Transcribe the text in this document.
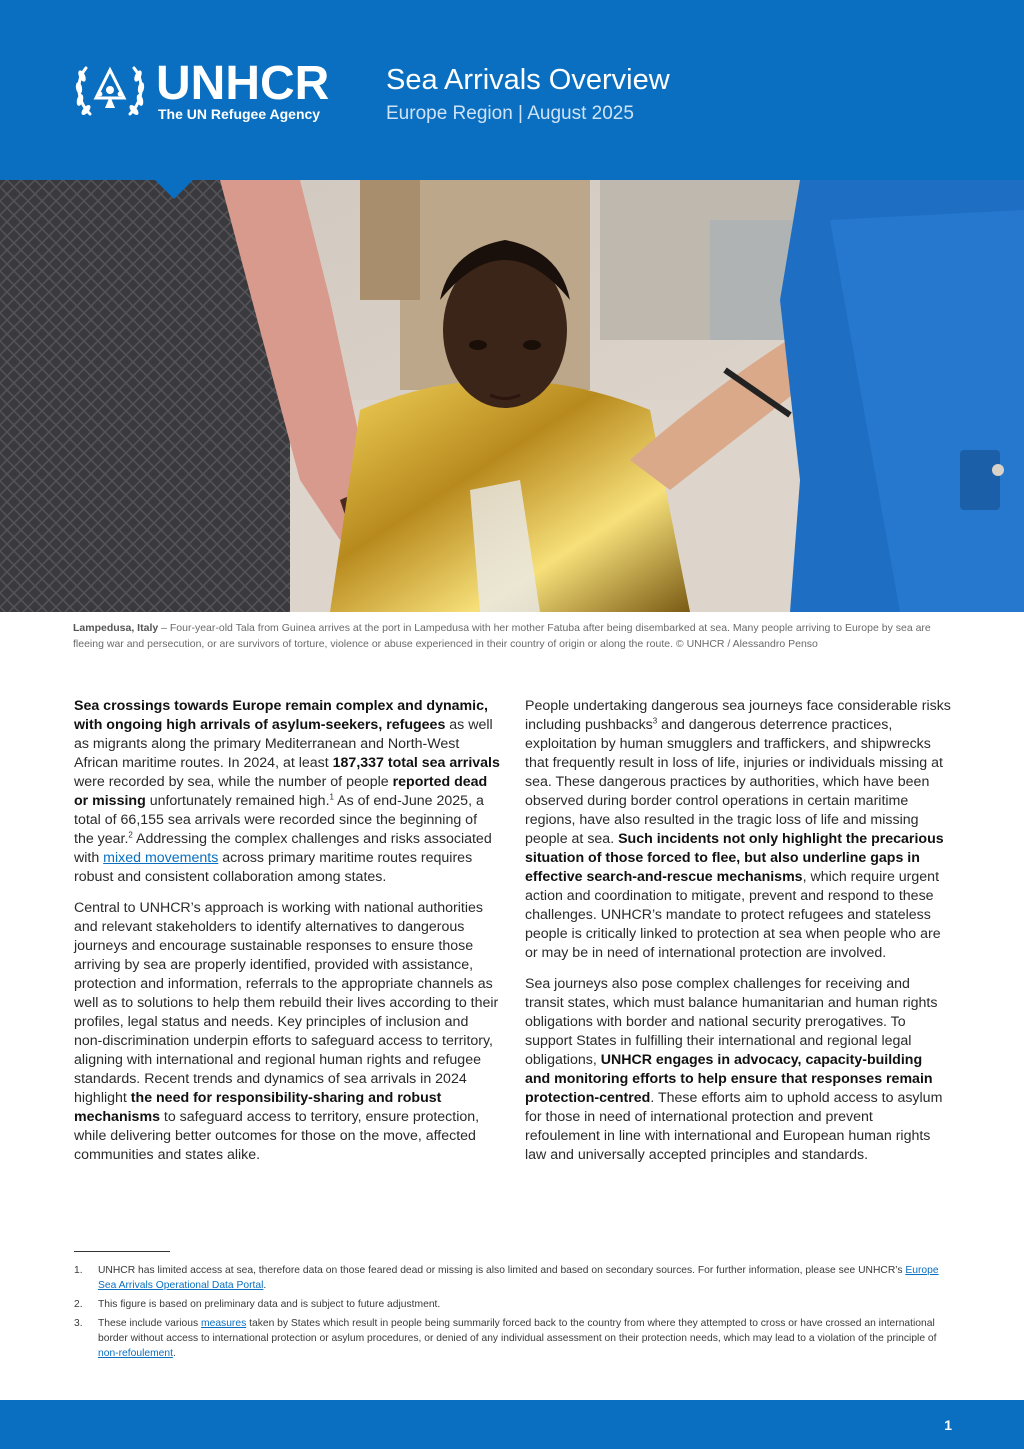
UNHCR
The UN Refugee Agency
Sea Arrivals Overview
Europe Region | August 2025
Lampedusa, Italy – Four-year-old Tala from Guinea arrives at the port in Lampedusa with her mother Fatuba after being disembarked at sea. Many people arriving to Europe by sea are fleeing war and persecution, or are survivors of torture, violence or abuse experienced in their country of origin or along the route. © UNHCR / Alessandro Penso

Sea crossings towards Europe remain complex and dynamic, with ongoing high arrivals of asylum-seekers, refugees as well as migrants along the primary Mediterranean and North-West African maritime routes. In 2024, at least 187,337 total sea arrivals were recorded by sea, while the number of people reported dead or missing unfortunately remained high.$^1$ As of end-June 2025, a total of 66,155 sea arrivals were recorded since the beginning of the year.$^2$ Addressing the complex challenges and risks associated with mixed movements across primary maritime routes requires robust and consistent collaboration among states.

Central to UNHCR’s approach is working with national authorities and relevant stakeholders to identify alternatives to dangerous journeys and encourage sustainable responses to ensure those arriving by sea are properly identified, provided with assistance, protection and information, referrals to the appropriate channels as well as to solutions to help them rebuild their lives according to their profiles, legal status and needs. Key principles of inclusion and non-discrimination underpin efforts to safeguard access to territory, aligning with international and regional human rights and refugee standards. Recent trends and dynamics of sea arrivals in 2024 highlight the need for responsibility-sharing and robust mechanisms to safeguard access to territory, ensure protection, while delivering better outcomes for those on the move, affected communities and states alike.

People undertaking dangerous sea journeys face considerable risks including pushbacks$^3$ and dangerous deterrence practices, exploitation by human smugglers and traffickers, and shipwrecks that frequently result in loss of life, injuries or individuals missing at sea. These dangerous practices by authorities, which have been observed during border control operations in certain maritime regions, have also resulted in the tragic loss of life and missing people at sea. Such incidents not only highlight the precarious situation of those forced to flee, but also underline gaps in effective search-and-rescue mechanisms, which require urgent action and coordination to mitigate, prevent and respond to these challenges. UNHCR’s mandate to protect refugees and stateless people is critically linked to protection at sea when people who are or may be in need of international protection are involved.

Sea journeys also pose complex challenges for receiving and transit states, which must balance humanitarian and human rights obligations with border and national security prerogatives. To support States in fulfilling their international and regional legal obligations, UNHCR engages in advocacy, capacity-building and monitoring efforts to help ensure that responses remain protection-centred. These efforts aim to uphold access to asylum for those in need of international protection and prevent refoulement in line with international and European human rights law and universally accepted principles and standards.

1. UNHCR has limited access at sea, therefore data on those feared dead or missing is also limited and based on secondary sources. For further information, please see UNHCR’s Europe Sea Arrivals Operational Data Portal.
2. This figure is based on preliminary data and is subject to future adjustment.
3. These include various measures taken by States which result in people being summarily forced back to the country from where they attempted to cross or have crossed an international border without access to international protection or asylum procedures, or denied of any individual assessment on their protection needs, which may lead to a violation of the principle of non-refoulement.
1
